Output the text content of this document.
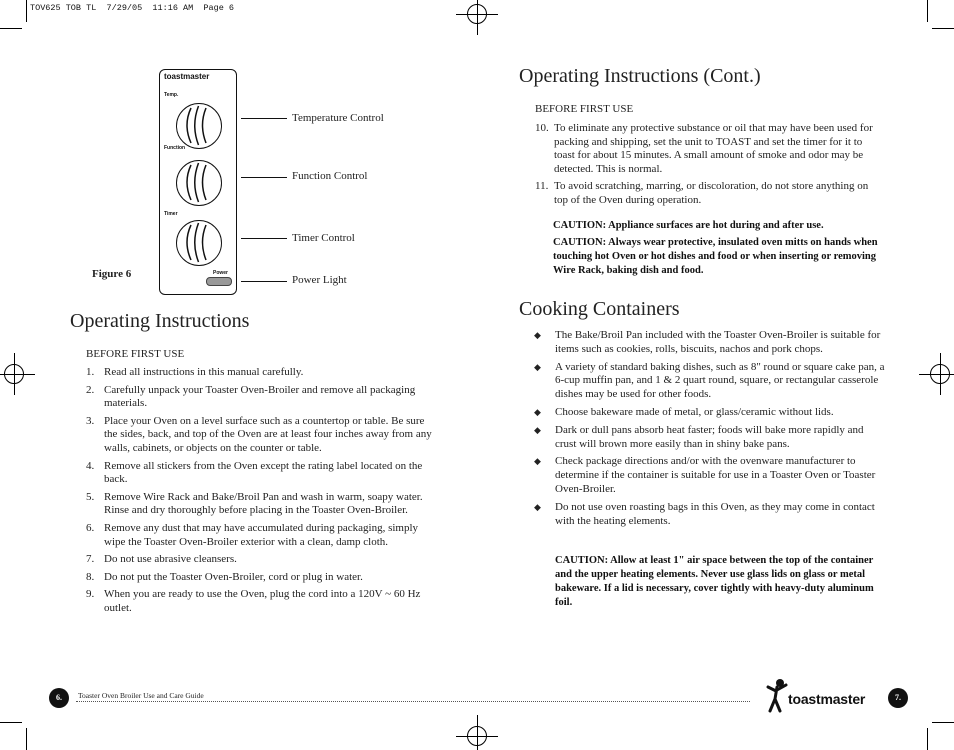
TOV625 TOB TL  7/29/05  11:16 AM  Page 6
toastmaster
Temp.
Function
Timer
Power
Figure 6
Temperature Control
Function Control
Timer Control
Power Light
Operating Instructions
BEFORE FIRST USE
1. Read all instructions in this manual carefully.
2. Carefully unpack your Toaster Oven-Broiler and remove all packaging materials.
3. Place your Oven on a level surface such as a countertop or table. Be sure the sides, back, and top of the Oven are at least four inches away from any walls, cabinets, or objects on the counter or table.
4. Remove all stickers from the Oven except the rating label located on the back.
5. Remove Wire Rack and Bake/Broil Pan and wash in warm, soapy water. Rinse and dry thoroughly before placing in the Toaster Oven-Broiler.
6. Remove any dust that may have accumulated during packaging, simply wipe the Toaster Oven-Broiler exterior with a clean, damp cloth.
7. Do not use abrasive cleansers.
8. Do not put the Toaster Oven-Broiler, cord or plug in water.
9. When you are ready to use the Oven, plug the cord into a 120V ~ 60 Hz outlet.
Operating Instructions (Cont.)
BEFORE FIRST USE
10. To eliminate any protective substance or oil that may have been used for packing and shipping, set the unit to TOAST and set the timer for it to toast for about 15 minutes. A small amount of smoke and odor may be detected. This is normal.
11. To avoid scratching, marring, or discoloration, do not store anything on top of the Oven during operation.
CAUTION: Appliance surfaces are hot during and after use.
CAUTION: Always wear protective, insulated oven mitts on hands when touching hot Oven or hot dishes and food or when inserting or removing Wire Rack, baking dish and food.
Cooking Containers
◆ The Bake/Broil Pan included with the Toaster Oven-Broiler is suitable for items such as cookies, rolls, biscuits, nachos and pork chops.
◆ A variety of standard baking dishes, such as 8" round or square cake pan, a 6-cup muffin pan, and 1 & 2 quart round, square, or rectangular casserole dishes may be used for other foods.
◆ Choose bakeware made of metal, or glass/ceramic without lids.
◆ Dark or dull pans absorb heat faster; foods will bake more rapidly and crust will brown more easily than in shiny bake pans.
◆ Check package directions and/or with the ovenware manufacturer to determine if the container is suitable for use in a Toaster Oven or Toaster Oven-Broiler.
◆ Do not use oven roasting bags in this Oven, as they may come in contact with the heating elements.
CAUTION: Allow at least 1" air space between the top of the container and the upper heating elements. Never use glass lids on glass or metal bakeware. If a lid is necessary, cover tightly with heavy-duty aluminum foil.
6.	Toaster Oven Broiler Use and Care Guide	toastmaster	7.
